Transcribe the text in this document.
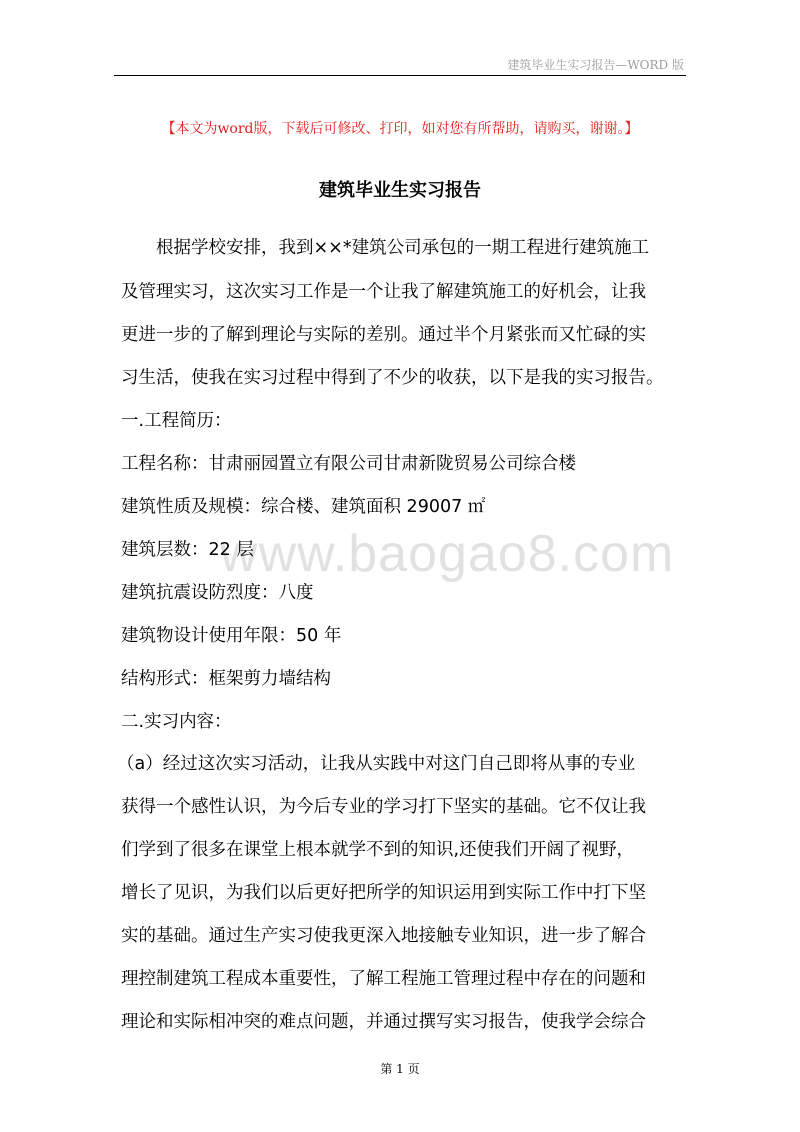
建筑毕业生实习报告—WORD 版
【本文为word版，下载后可修改、打印，如对您有所帮助，请购买，谢谢。】
建筑毕业生实习报告
www.baogao8.com
根据学校安排，我到××*建筑公司承包的一期工程进行建筑施工
及管理实习，这次实习工作是一个让我了解建筑施工的好机会，让我
更进一步的了解到理论与实际的差别。通过半个月紧张而又忙碌的实
习生活，使我在实习过程中得到了不少的收获，以下是我的实习报告。
一.工程简历：
工程名称：甘肃丽园置立有限公司甘肃新陇贸易公司综合楼
建筑性质及规模：综合楼、建筑面积 29007 ㎡
建筑层数：22 层
建筑抗震设防烈度：八度
建筑物设计使用年限：50 年
结构形式：框架剪力墙结构
二.实习内容：
（a）经过这次实习活动，让我从实践中对这门自己即将从事的专业
获得一个感性认识，为今后专业的学习打下坚实的基础。它不仅让我
们学到了很多在课堂上根本就学不到的知识,还使我们开阔了视野，
增长了见识，为我们以后更好把所学的知识运用到实际工作中打下坚
实的基础。通过生产实习使我更深入地接触专业知识，进一步了解合
理控制建筑工程成本重要性，了解工程施工管理过程中存在的问题和
理论和实际相冲突的难点问题，并通过撰写实习报告，使我学会综合
第 1 页
